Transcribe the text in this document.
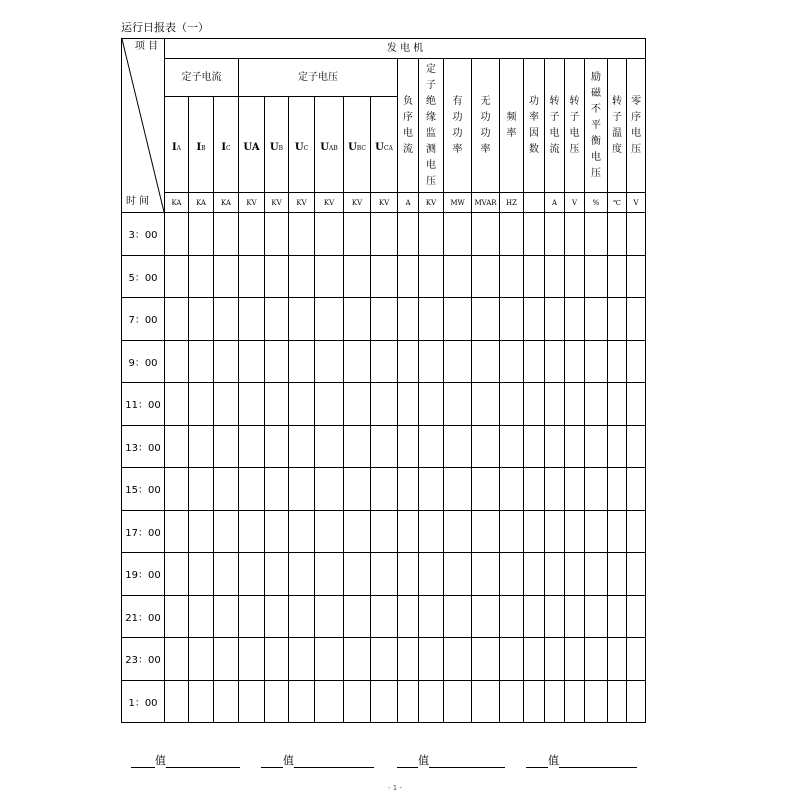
运行日报表（一）
项 目
时 间	发 电 机																			
	定子电流			定子电压						负序电流	定子绝缘监测电压	有功功率	无功功率	频率	功率因数	转子电流	转子电压	励磁不平衡电压	转子温度	零序电压

	IA	IB	IC	UA	UB	UC	UAB	UBC	UCA											
	KA	KA	KA	KV	KV	KV	KV	KV	KV	A	KV	MW	MVAR	HZ		A	V	%	℃	V
3：00																				
5：00																				
7：00																				
9：00																				
11：00																				
13：00																				
15：00																				
17：00																				
19：00																				
21：00																				
23：00																				
1：00																				
值	值	值	值
- 1 -
